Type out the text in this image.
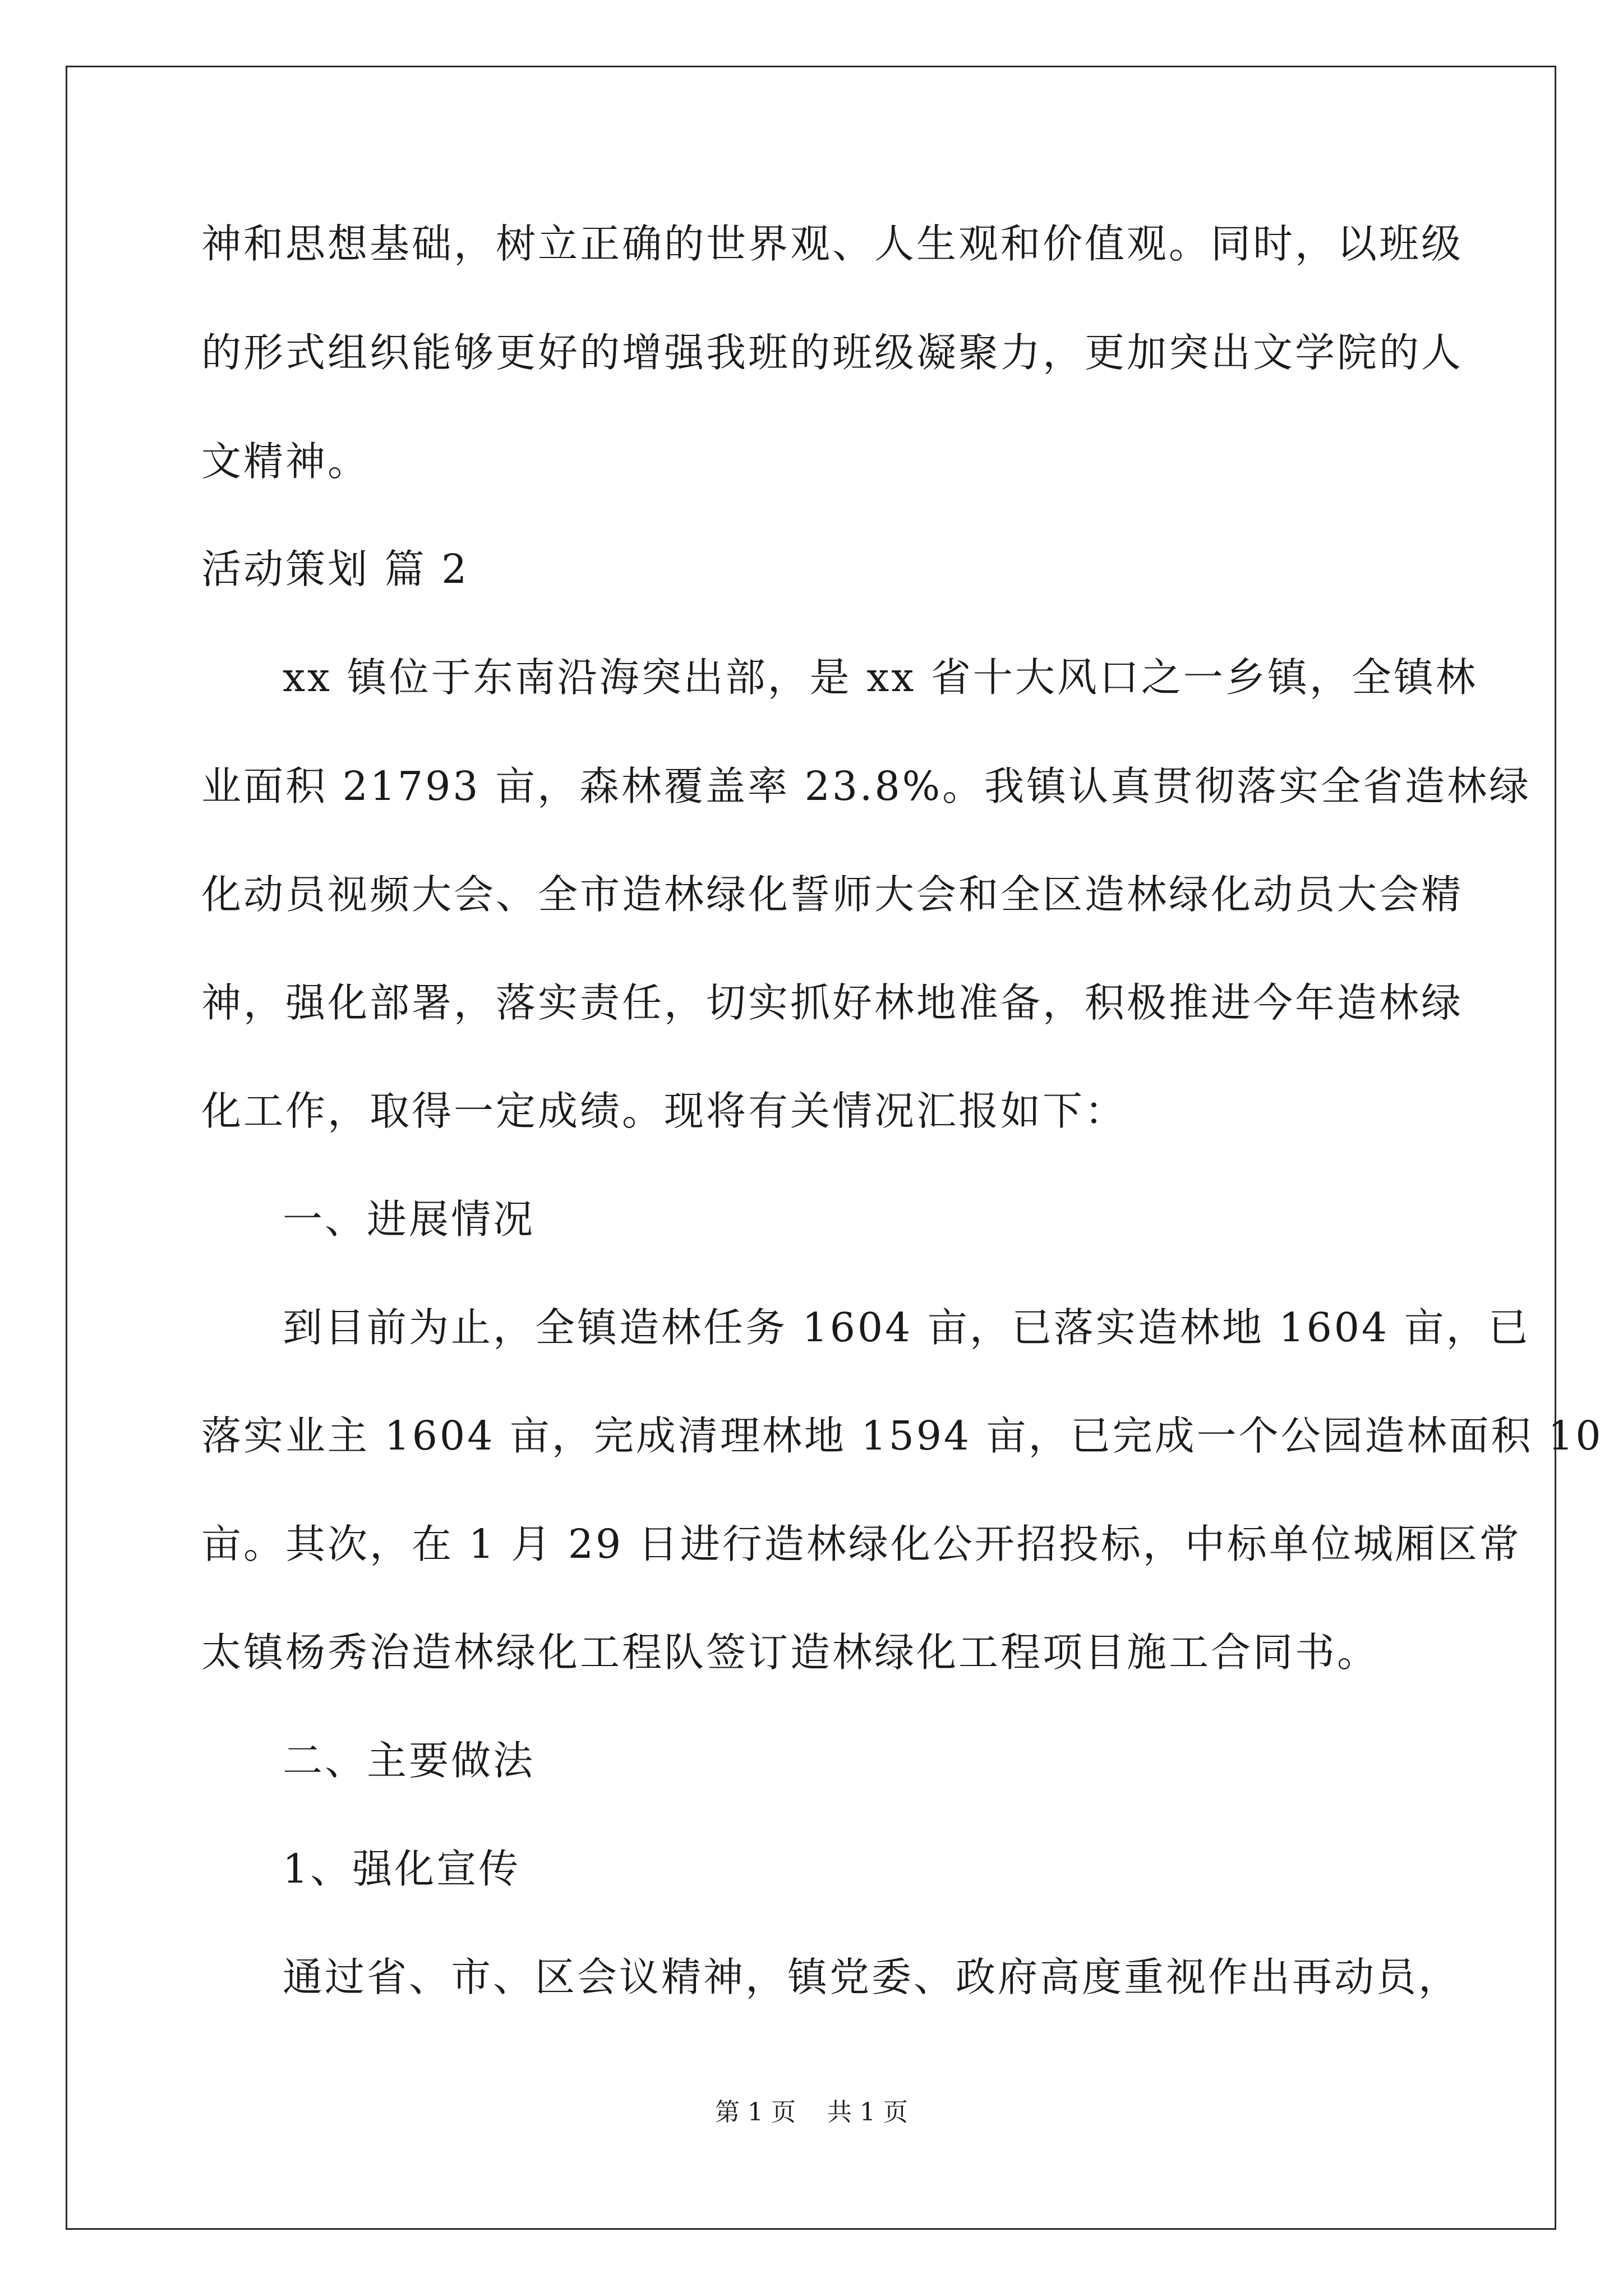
神和思想基础，树立正确的世界观、人生观和价值观。同时，以班级
的形式组织能够更好的增强我班的班级凝聚力，更加突出文学院的人
文精神。
活动策划 篇 2
xx 镇位于东南沿海突出部，是 xx 省十大风口之一乡镇，全镇林
业面积 21793 亩，森林覆盖率 23.8%。我镇认真贯彻落实全省造林绿
化动员视频大会、全市造林绿化誓师大会和全区造林绿化动员大会精
神，强化部署，落实责任，切实抓好林地准备，积极推进今年造林绿
化工作，取得一定成绩。现将有关情况汇报如下：
一、进展情况
到目前为止，全镇造林任务 1604 亩，已落实造林地 1604 亩，已
落实业主 1604 亩，完成清理林地 1594 亩，已完成一个公园造林面积 10
亩。其次，在 1 月 29 日进行造林绿化公开招投标，中标单位城厢区常
太镇杨秀治造林绿化工程队签订造林绿化工程项目施工合同书。
二、主要做法
1、强化宣传
通过省、市、区会议精神，镇党委、政府高度重视作出再动员，
第 1 页    共 1 页
